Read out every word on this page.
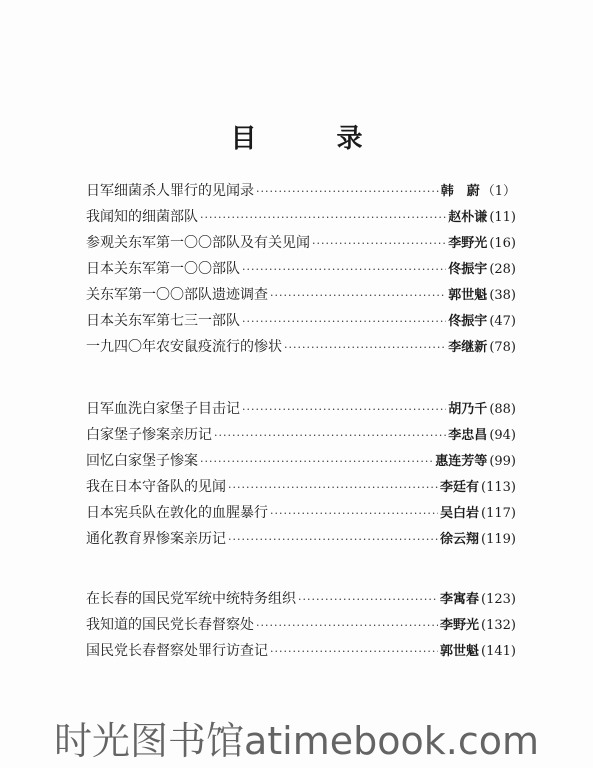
目	录
日军细菌杀人罪行的见闻录 ·····	韩　蔚 （1）
我闻知的细菌部队 ·····	赵朴谦 (11)
参观关东军第一〇〇部队及有关见闻 ·····	李野光 (16)
日本关东军第一〇〇部队 ·····	佟振宇 (28)
关东军第一〇〇部队遗迹调查 ·····	郭世魁 (38)
日本关东军第七三一部队 ·····	佟振宇 (47)
一九四〇年农安鼠疫流行的惨状 ·····	李继新 (78)
日军血洗白家堡子目击记 ·····	胡乃千 (88)
白家堡子惨案亲历记 ·····	李忠昌 (94)
回忆白家堡子惨案 ·····	惠连芳等 (99)
我在日本守备队的见闻 ·····	李廷有 (113)
日本宪兵队在敦化的血腥暴行 ·····	吴白岩 (117)
通化教育界惨案亲历记 ·····	徐云翔 (119)
在长春的国民党军统中统特务组织 ·····	李寓春 (123)
我知道的国民党长春督察处 ·····	李野光 (132)
国民党长春督察处罪行访查记 ·····	郭世魁 (141)
时光图书馆atimebook.com
